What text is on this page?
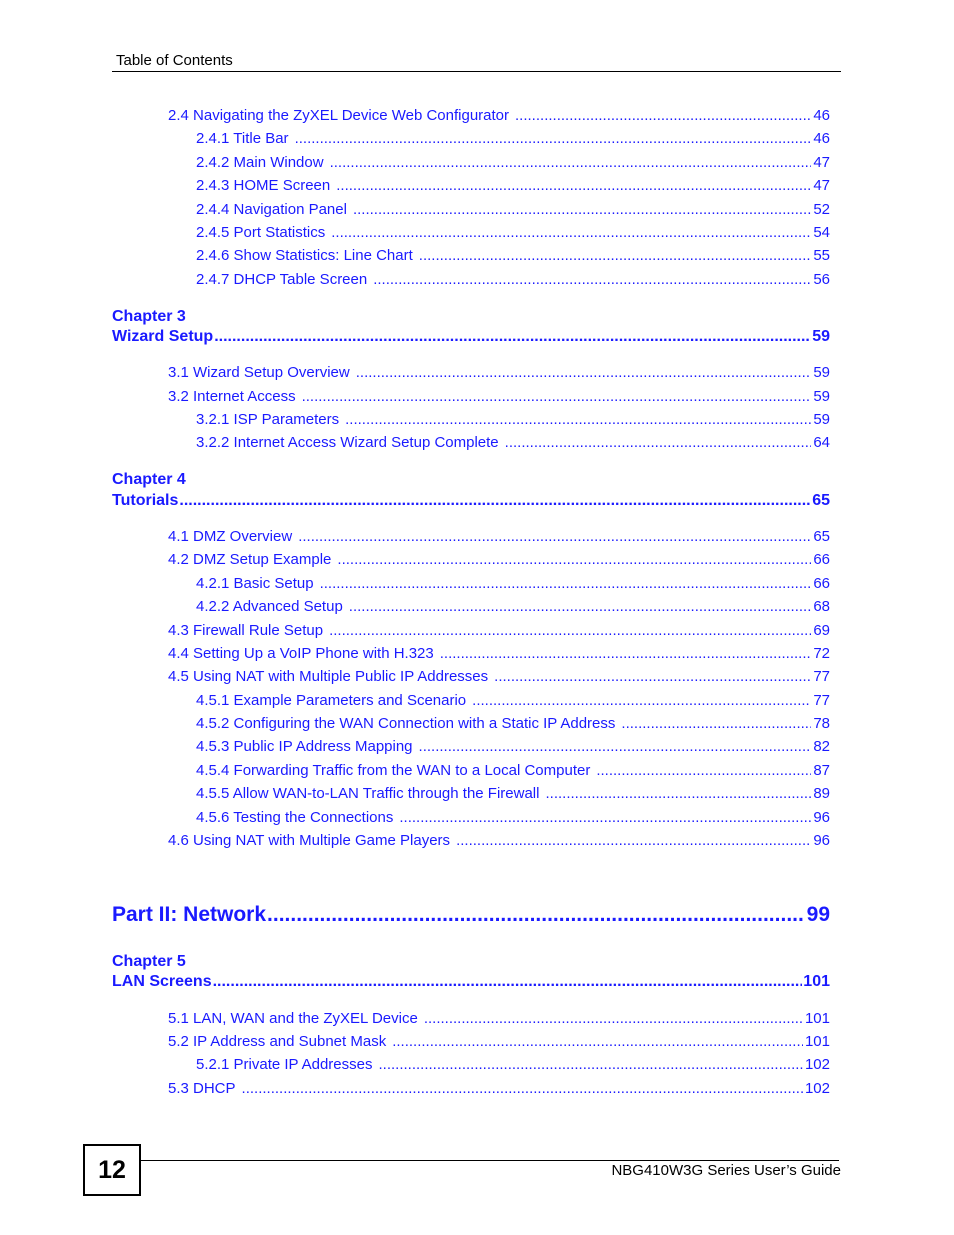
Table of Contents
2.4 Navigating the ZyXEL Device Web Configurator .....	46
2.4.1 Title Bar .....	46
2.4.2 Main Window .....	47
2.4.3 HOME Screen .....	47
2.4.4 Navigation Panel .....	52
2.4.5 Port Statistics .....	54
2.4.6 Show Statistics: Line Chart .....	55
2.4.7 DHCP Table Screen .....	56
Chapter 3
Wizard Setup .....	59
3.1 Wizard Setup Overview .....	59
3.2 Internet Access .....	59
3.2.1 ISP Parameters .....	59
3.2.2 Internet Access Wizard Setup Complete .....	64
Chapter 4
Tutorials .....	65
4.1 DMZ Overview .....	65
4.2 DMZ Setup Example .....	66
4.2.1 Basic Setup .....	66
4.2.2 Advanced Setup .....	68
4.3 Firewall Rule Setup .....	69
4.4 Setting Up a VoIP Phone with H.323 .....	72
4.5 Using NAT with Multiple Public IP Addresses .....	77
4.5.1 Example Parameters and Scenario .....	77
4.5.2 Configuring the WAN Connection with a Static IP Address .....	78
4.5.3 Public IP Address Mapping .....	82
4.5.4 Forwarding Traffic from the WAN to a Local Computer .....	87
4.5.5 Allow WAN-to-LAN Traffic through the Firewall .....	89
4.5.6 Testing the Connections .....	96
4.6 Using NAT with Multiple Game Players .....	96
Part II: Network .....	99
Chapter 5
LAN Screens .....	101
5.1 LAN, WAN and the ZyXEL Device .....	101
5.2 IP Address and Subnet Mask .....	101
5.2.1 Private IP Addresses .....	102
5.3 DHCP .....	102
12	NBG410W3G Series User’s Guide
